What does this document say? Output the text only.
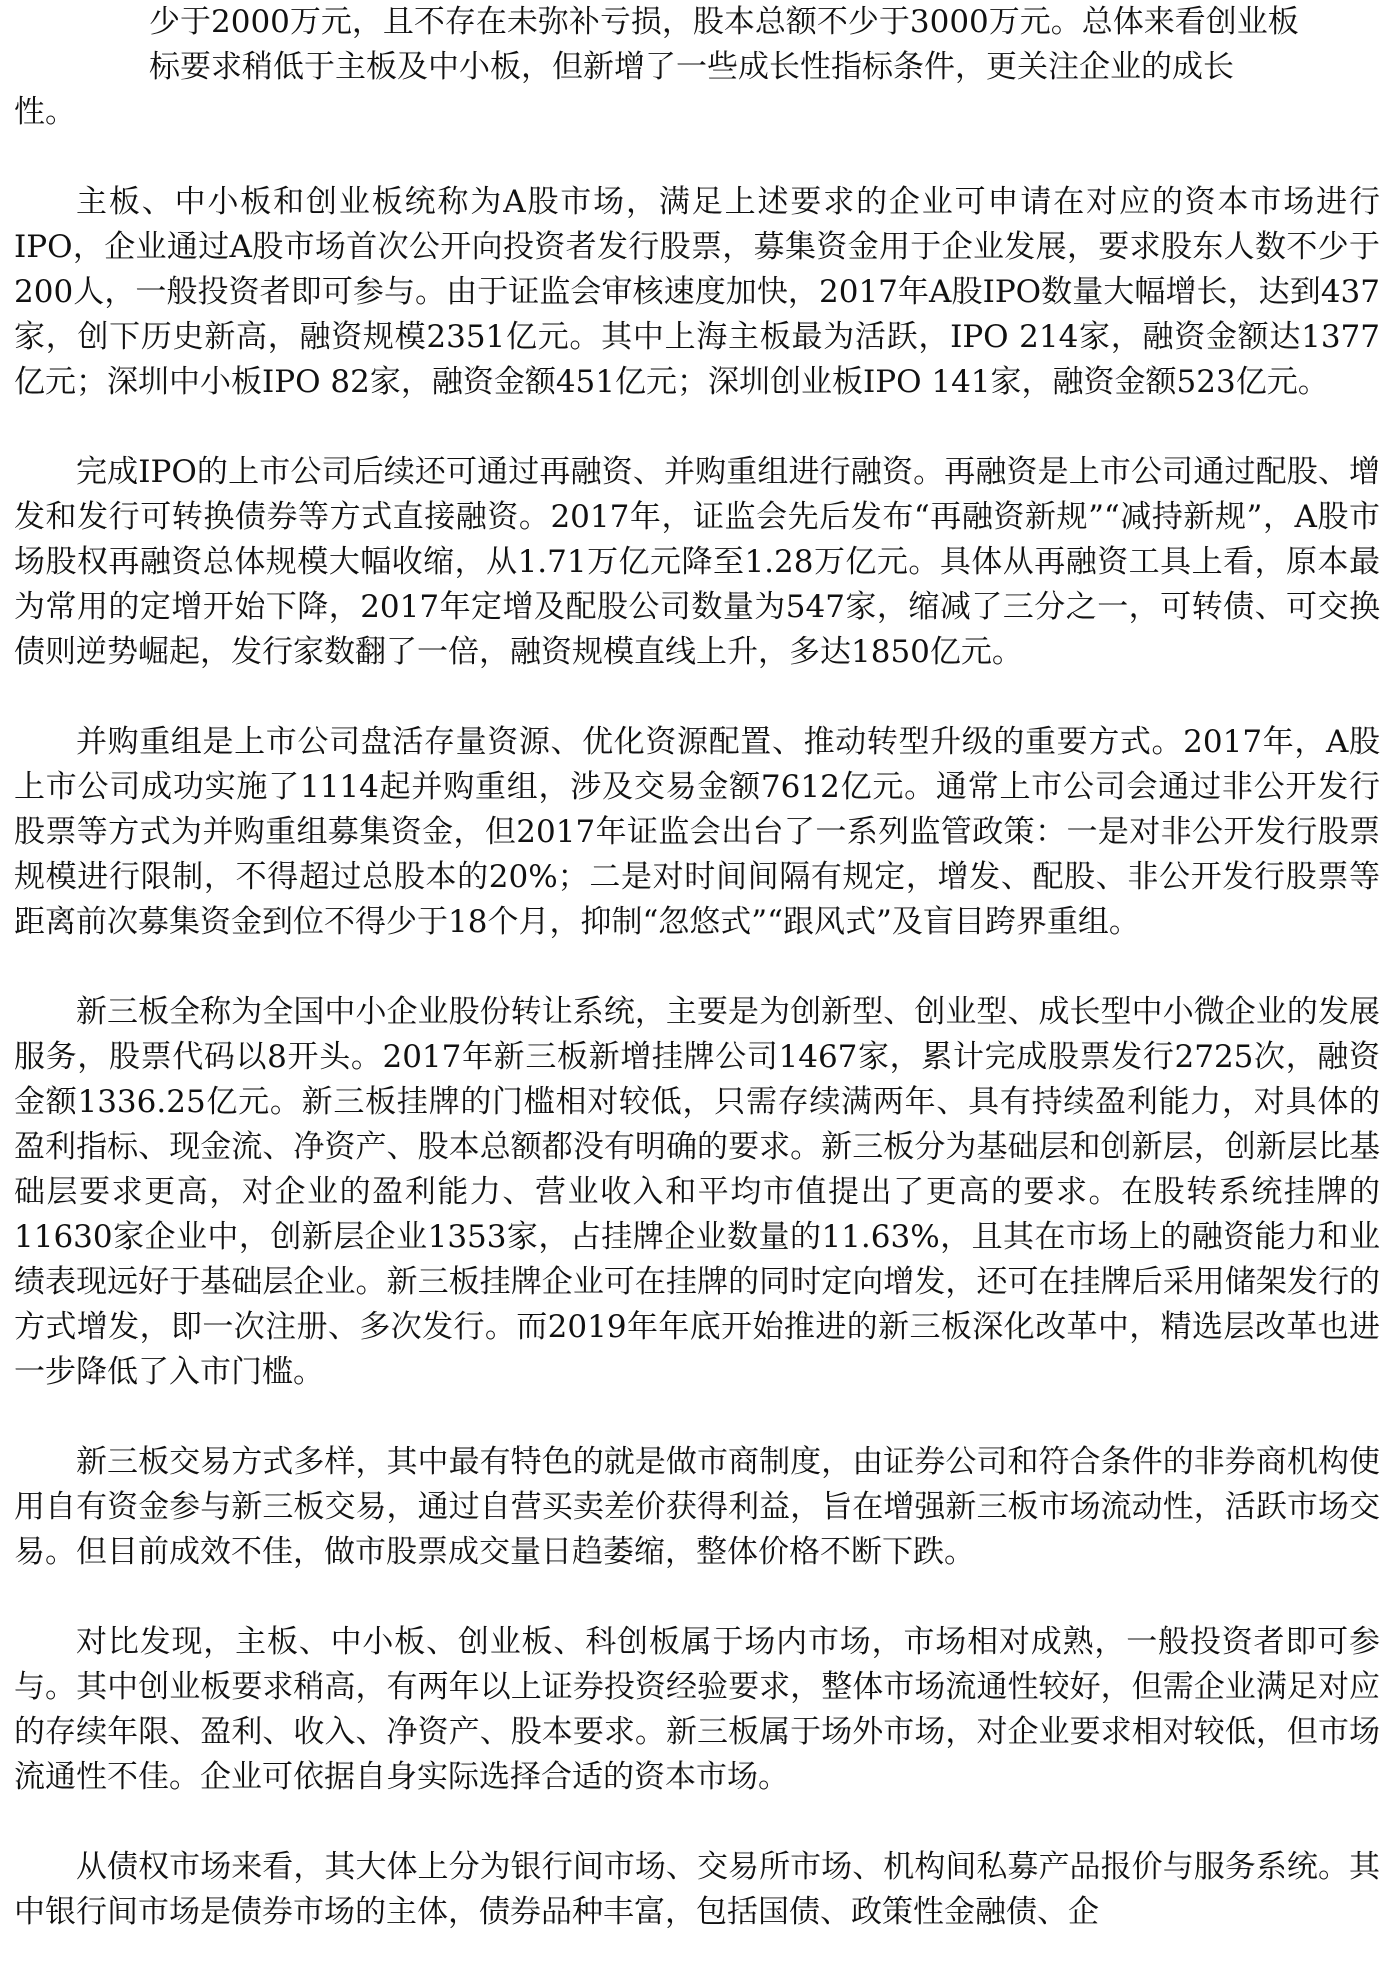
少于2000万元，且不存在未弥补亏损，股本总额不少于3000万元。总体来看创业板
标要求稍低于主板及中小板，但新增了一些成长性指标条件，更关注企业的成长
性。

主板、中小板和创业板统称为A股市场，满足上述要求的企业可申请在对应的资本市场进行IPO，企业通过A股市场首次公开向投资者发行股票，募集资金用于企业发展，要求股东人数不少于200人，一般投资者即可参与。由于证监会审核速度加快，2017年A股IPO数量大幅增长，达到437家，创下历史新高，融资规模2351亿元。其中上海主板最为活跃，IPO 214家，融资金额达1377亿元；深圳中小板IPO 82家，融资金额451亿元；深圳创业板IPO 141家，融资金额523亿元。

完成IPO的上市公司后续还可通过再融资、并购重组进行融资。再融资是上市公司通过配股、增发和发行可转换债券等方式直接融资。2017年，证监会先后发布“再融资新规”“减持新规”，A股市场股权再融资总体规模大幅收缩，从1.71万亿元降至1.28万亿元。具体从再融资工具上看，原本最为常用的定增开始下降，2017年定增及配股公司数量为547家，缩减了三分之一，可转债、可交换债则逆势崛起，发行家数翻了一倍，融资规模直线上升，多达1850亿元。

并购重组是上市公司盘活存量资源、优化资源配置、推动转型升级的重要方式。2017年，A股上市公司成功实施了1114起并购重组，涉及交易金额7612亿元。通常上市公司会通过非公开发行股票等方式为并购重组募集资金，但2017年证监会出台了一系列监管政策：一是对非公开发行股票规模进行限制，不得超过总股本的20%；二是对时间间隔有规定，增发、配股、非公开发行股票等距离前次募集资金到位不得少于18个月，抑制“忽悠式”“跟风式”及盲目跨界重组。

新三板全称为全国中小企业股份转让系统，主要是为创新型、创业型、成长型中小微企业的发展服务，股票代码以8开头。2017年新三板新增挂牌公司1467家，累计完成股票发行2725次，融资金额1336.25亿元。新三板挂牌的门槛相对较低，只需存续满两年、具有持续盈利能力，对具体的盈利指标、现金流、净资产、股本总额都没有明确的要求。新三板分为基础层和创新层，创新层比基础层要求更高，对企业的盈利能力、营业收入和平均市值提出了更高的要求。在股转系统挂牌的11630家企业中，创新层企业1353家，占挂牌企业数量的11.63%，且其在市场上的融资能力和业绩表现远好于基础层企业。新三板挂牌企业可在挂牌的同时定向增发，还可在挂牌后采用储架发行的方式增发，即一次注册、多次发行。而2019年年底开始推进的新三板深化改革中，精选层改革也进一步降低了入市门槛。

新三板交易方式多样，其中最有特色的就是做市商制度，由证券公司和符合条件的非券商机构使用自有资金参与新三板交易，通过自营买卖差价获得利益，旨在增强新三板市场流动性，活跃市场交易。但目前成效不佳，做市股票成交量日趋萎缩，整体价格不断下跌。

对比发现，主板、中小板、创业板、科创板属于场内市场，市场相对成熟，一般投资者即可参与。其中创业板要求稍高，有两年以上证券投资经验要求，整体市场流通性较好，但需企业满足对应的存续年限、盈利、收入、净资产、股本要求。新三板属于场外市场，对企业要求相对较低，但市场流通性不佳。企业可依据自身实际选择合适的资本市场。

从债权市场来看，其大体上分为银行间市场、交易所市场、机构间私募产品报价与服务系统。其中银行间市场是债券市场的主体，债券品种丰富，包括国债、政策性金融债、企
